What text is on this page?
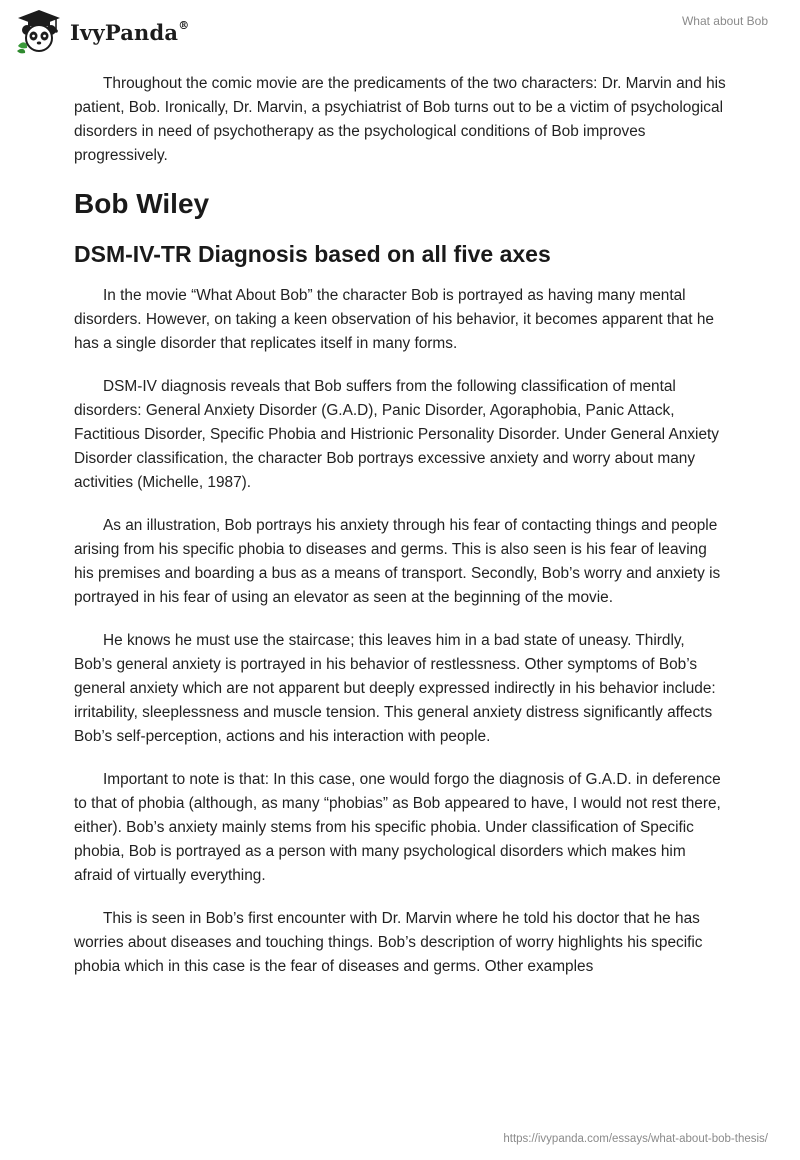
IvyPanda®	What about Bob

Throughout the comic movie are the predicaments of the two characters: Dr. Marvin and his patient, Bob. Ironically, Dr. Marvin, a psychiatrist of Bob turns out to be a victim of psychological disorders in need of psychotherapy as the psychological conditions of Bob improves progressively.

Bob Wiley
DSM-IV-TR Diagnosis based on all five axes

In the movie “What About Bob” the character Bob is portrayed as having many mental disorders. However, on taking a keen observation of his behavior, it becomes apparent that he has a single disorder that replicates itself in many forms.

DSM-IV diagnosis reveals that Bob suffers from the following classification of mental disorders: General Anxiety Disorder (G.A.D), Panic Disorder, Agoraphobia, Panic Attack, Factitious Disorder, Specific Phobia and Histrionic Personality Disorder. Under General Anxiety Disorder classification, the character Bob portrays excessive anxiety and worry about many activities (Michelle, 1987).

As an illustration, Bob portrays his anxiety through his fear of contacting things and people arising from his specific phobia to diseases and germs. This is also seen is his fear of leaving his premises and boarding a bus as a means of transport. Secondly, Bob’s worry and anxiety is portrayed in his fear of using an elevator as seen at the beginning of the movie.

He knows he must use the staircase; this leaves him in a bad state of uneasy. Thirdly, Bob’s general anxiety is portrayed in his behavior of restlessness. Other symptoms of Bob’s general anxiety which are not apparent but deeply expressed indirectly in his behavior include: irritability, sleeplessness and muscle tension. This general anxiety distress significantly affects Bob’s self-perception, actions and his interaction with people.

Important to note is that: In this case, one would forgo the diagnosis of G.A.D. in deference to that of phobia (although, as many “phobias” as Bob appeared to have, I would not rest there, either). Bob’s anxiety mainly stems from his specific phobia. Under classification of Specific phobia, Bob is portrayed as a person with many psychological disorders which makes him afraid of virtually everything.

This is seen in Bob’s first encounter with Dr. Marvin where he told his doctor that he has worries about diseases and touching things. Bob’s description of worry highlights his specific phobia which in this case is the fear of diseases and germs. Other examples

https://ivypanda.com/essays/what-about-bob-thesis/
